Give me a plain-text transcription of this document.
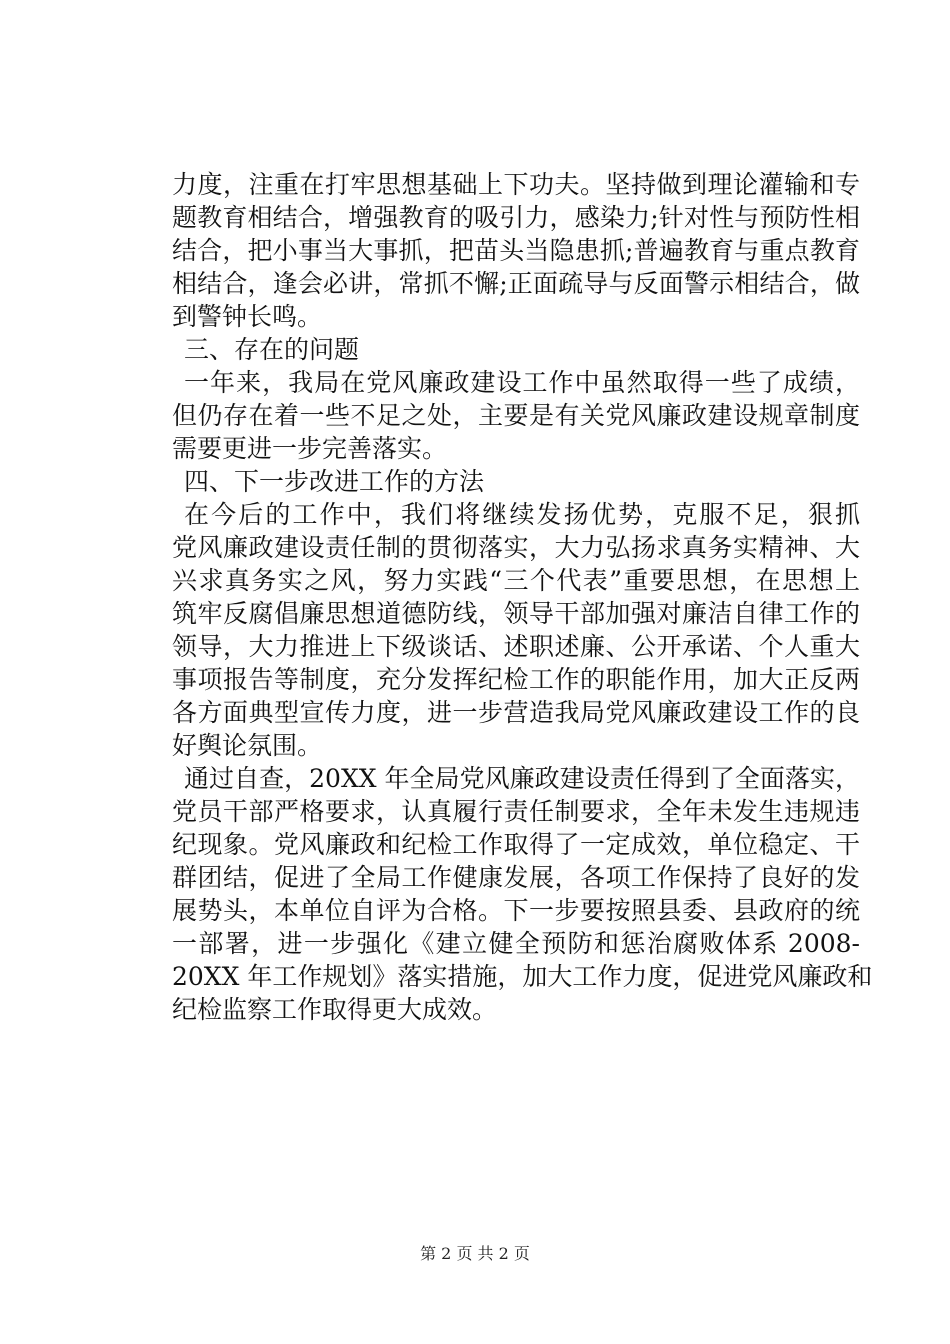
力度，注重在打牢思想基础上下功夫。坚持做到理论灌输和专
题教育相结合，增强教育的吸引力，感染力;针对性与预防性相
结合，把小事当大事抓，把苗头当隐患抓;普遍教育与重点教育
相结合，逢会必讲，常抓不懈;正面疏导与反面警示相结合，做
到警钟长鸣。
三、存在的问题
一年来，我局在党风廉政建设工作中虽然取得一些了成绩，
但仍存在着一些不足之处，主要是有关党风廉政建设规章制度
需要更进一步完善落实。
四、下一步改进工作的方法
在今后的工作中，我们将继续发扬优势，克服不足，狠抓
党风廉政建设责任制的贯彻落实，大力弘扬求真务实精神、大
兴求真务实之风，努力实践“三个代表”重要思想，在思想上
筑牢反腐倡廉思想道德防线，领导干部加强对廉洁自律工作的
领导，大力推进上下级谈话、述职述廉、公开承诺、个人重大
事项报告等制度，充分发挥纪检工作的职能作用，加大正反两
各方面典型宣传力度，进一步营造我局党风廉政建设工作的良
好舆论氛围。
通过自查，20XX 年全局党风廉政建设责任得到了全面落实，
党员干部严格要求，认真履行责任制要求，全年未发生违规违
纪现象。党风廉政和纪检工作取得了一定成效，单位稳定、干
群团结，促进了全局工作健康发展，各项工作保持了良好的发
展势头，本单位自评为合格。下一步要按照县委、县政府的统
一部署，进一步强化《建立健全预防和惩治腐败体系 2008-
20XX 年工作规划》落实措施，加大工作力度，促进党风廉政和
纪检监察工作取得更大成效。
第 2 页 共 2 页
